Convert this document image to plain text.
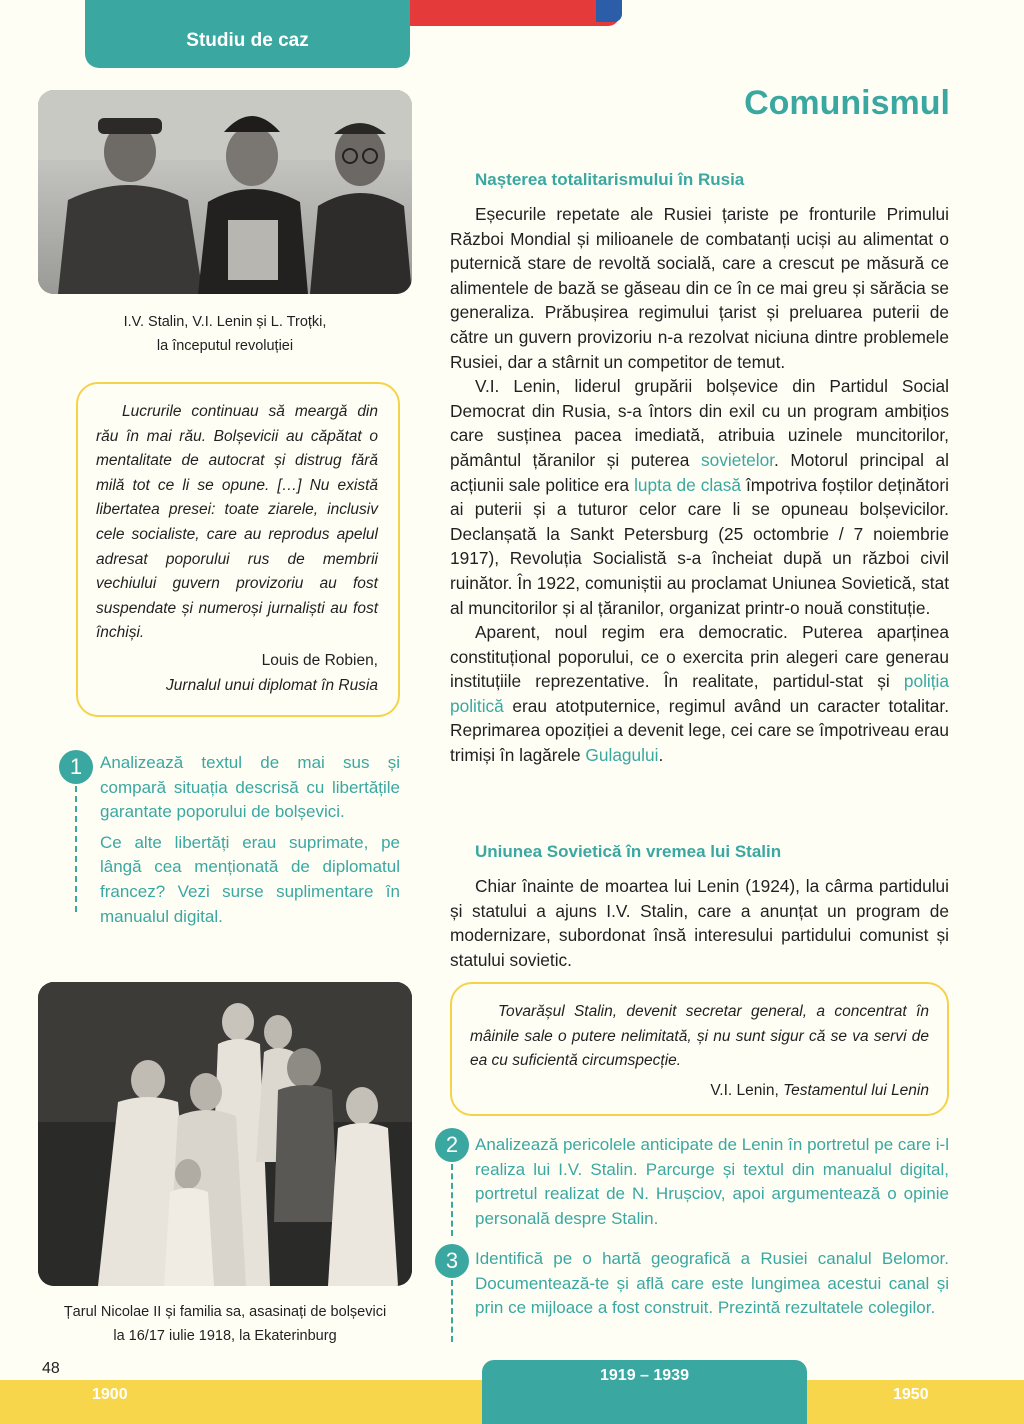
Studiu de caz
Comunismul
I.V. Stalin, V.I. Lenin și L. Troțki,
la începutul revoluției
Lucrurile continuau să meargă din rău în mai rău. Bolșevicii au căpătat o mentalitate de autocrat și distrug fără milă tot ce li se opune. […] Nu există libertatea presei: toate ziarele, inclusiv cele socialiste, care au reprodus apelul adresat poporului rus de membrii vechiului guvern provizoriu au fost suspendate și numeroși jurnaliști au fost închiși.
Louis de Robien,
Jurnalul unui diplomat în Rusia
1	Analizează textul de mai sus și compară situația descrisă cu libertățile garantate poporului de bolșevici.

Ce alte libertăți erau suprimate, pe lângă cea menționată de diplomatul francez? Vezi surse suplimentare în manualul digital.

Țarul Nicolae II și familia sa, asasinați de bolșevici
la 16/17 iulie 1918, la Ekaterinburg
Nașterea totalitarismului în Rusia

Eșecurile repetate ale Rusiei țariste pe fronturile Primului Război Mondial și milioanele de combatanți uciși au alimentat o puternică stare de revoltă socială, care a crescut pe măsură ce alimentele de bază se găseau din ce în ce mai greu și sărăcia se generaliza. Prăbușirea regimului țarist și preluarea puterii de către un guvern provizoriu n-a rezolvat niciuna dintre problemele Rusiei, dar a stârnit un competitor de temut.

V.I. Lenin, liderul grupării bolșevice din Partidul Social Democrat din Rusia, s-a întors din exil cu un program ambițios care susținea pacea imediată, atribuia uzinele muncitorilor, pământul țăranilor și puterea sovietelor. Motorul principal al acțiunii sale politice era lupta de clasă împotriva foștilor deținători ai puterii și a tuturor celor care li se opuneau bolșevicilor. Declanșată la Sankt Petersburg (25 octombrie / 7 noiembrie 1917), Revoluția Socialistă s-a încheiat după un război civil ruinător. În 1922, comuniștii au proclamat Uniunea Sovietică, stat al muncitorilor și al țăranilor, organizat printr-o nouă constituție.

Aparent, noul regim era democratic. Puterea aparținea constituțional poporului, ce o exercita prin alegeri care generau instituțiile reprezentative. În realitate, partidul-stat și poliția politică erau atotputernice, regimul având un caracter totalitar. Reprimarea opoziției a devenit lege, cei care se împotriveau erau trimiși în lagărele Gulagului.

Uniunea Sovietică în vremea lui Stalin

Chiar înainte de moartea lui Lenin (1924), la cârma partidului și statului a ajuns I.V. Stalin, care a anunțat un program de modernizare, subordonat însă interesului partidului comunist și statului sovietic.

Tovarășul Stalin, devenit secretar general, a concentrat în mâinile sale o putere nelimitată, și nu sunt sigur că se va servi de ea cu suficientă circumspecție.
V.I. Lenin, Testamentul lui Lenin
2 Analizează pericolele anticipate de Lenin în portretul pe care i-l realiza lui I.V. Stalin. Parcurge și textul din manualul digital, portretul realizat de N. Hrușciov, apoi argumentează o opinie personală despre Stalin.

3 Identifică pe o hartă geografică a Rusiei canalul Belomor. Documentează-te și află care este lungimea acestui canal și prin ce mijloace a fost construit. Prezintă rezultatele colegilor.

48
1900
1919 – 1939
1950
